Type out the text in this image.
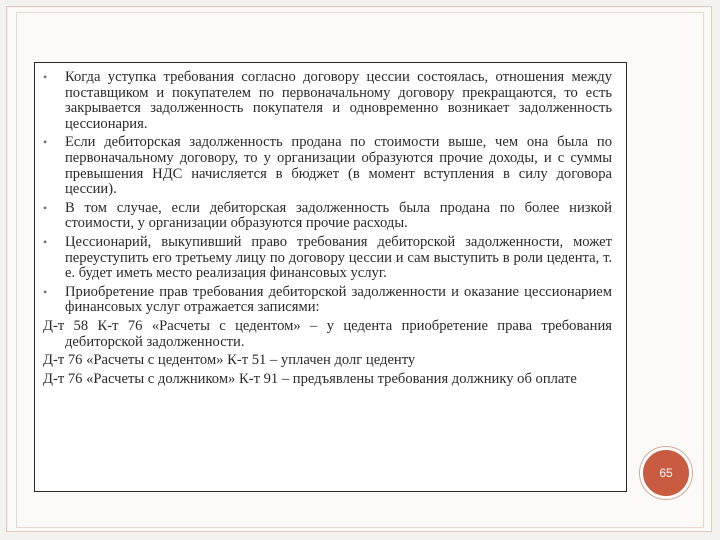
• Когда уступка требования согласно договору цессии состоялась, отношения между поставщиком и покупателем по первоначальному договору прекращаются, то есть закрывается задолженность покупателя и одновременно возникает задолженность цессионария.
• Если дебиторская задолженность продана по стоимости выше, чем она была по первоначальному договору, то у организации образуются прочие доходы, и с суммы превышения НДС начисляется в бюджет (в момент вступления в силу договора цессии).
• В том случае, если дебиторская задолженность была продана по более низкой стоимости, у организации образуются прочие расходы.
• Цессионарий, выкупивший право требования дебиторской задолженности, может переуступить его третьему лицу по договору цессии и сам выступить в роли цедента, т. е. будет иметь место реализация финансовых услуг.
• Приобретение прав требования дебиторской задолженности и оказание цессионарием финансовых услуг отражается записями:
Д-т 58 К-т 76 «Расчеты с цедентом» – у цедента приобретение права требования дебиторской задолженности.
Д-т 76 «Расчеты с цедентом» К-т 51 – уплачен долг цеденту
Д-т 76 «Расчеты с должником» К-т 91 – предъявлены требования должнику об оплате
65
